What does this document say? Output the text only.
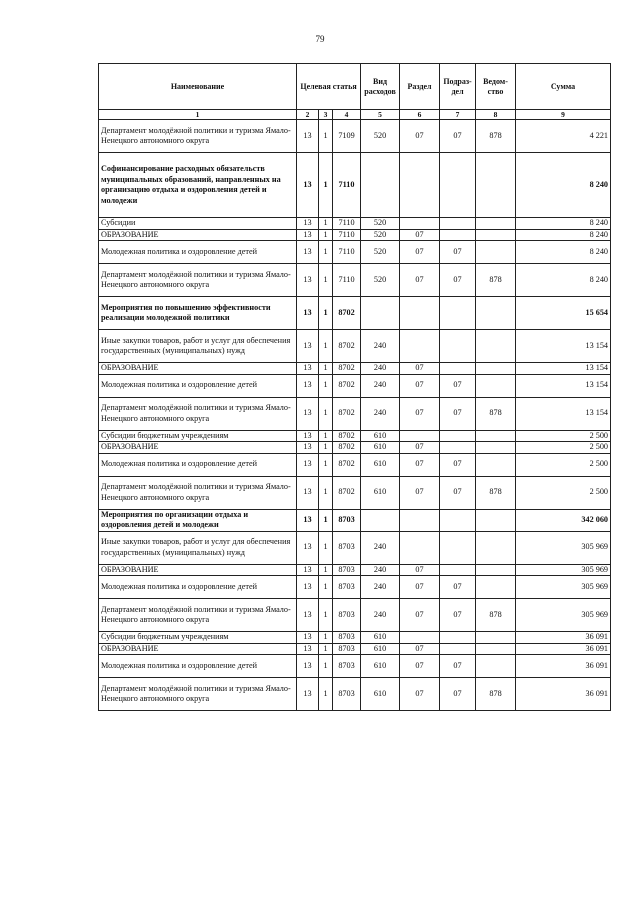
79
Наименование	Целевая статья			Вид расходов	Раздел	Подраз-дел	Ведом-ство	Сумма
1	2	3	4	5	6	7	8	9
Департамент молодёжной политики и туризма Ямало-Ненецкого автономного округа	13	1	7109	520	07	07	878	4 221
Софинансирование расходных обязательств муниципальных образований, направленных на организацию отдыха и оздоровления детей и молодежи	13	1	7110					8 240
Субсидии	13	1	7110	520				8 240
ОБРАЗОВАНИЕ	13	1	7110	520	07			8 240
Молодежная политика и оздоровление детей	13	1	7110	520	07	07		8 240
Департамент молодёжной политики и туризма Ямало-Ненецкого автономного округа	13	1	7110	520	07	07	878	8 240
Мероприятия по повышению эффективности реализации молодежной политики	13	1	8702					15 654
Иные закупки товаров, работ и услуг для обеспечения государственных (муниципальных) нужд	13	1	8702	240				13 154
ОБРАЗОВАНИЕ	13	1	8702	240	07			13 154
Молодежная политика и оздоровление детей	13	1	8702	240	07	07		13 154
Департамент молодёжной политики и туризма Ямало-Ненецкого автономного округа	13	1	8702	240	07	07	878	13 154
Субсидии бюджетным учреждениям	13	1	8702	610				2 500
ОБРАЗОВАНИЕ	13	1	8702	610	07			2 500
Молодежная политика и оздоровление детей	13	1	8702	610	07	07		2 500
Департамент молодёжной политики и туризма Ямало-Ненецкого автономного округа	13	1	8702	610	07	07	878	2 500
Мероприятия по организации отдыха и оздоровления детей и молодежи	13	1	8703					342 060
Иные закупки товаров, работ и услуг для обеспечения государственных (муниципальных) нужд	13	1	8703	240				305 969
ОБРАЗОВАНИЕ	13	1	8703	240	07			305 969
Молодежная политика и оздоровление детей	13	1	8703	240	07	07		305 969
Департамент молодёжной политики и туризма Ямало-Ненецкого автономного округа	13	1	8703	240	07	07	878	305 969
Субсидии бюджетным учреждениям	13	1	8703	610				36 091
ОБРАЗОВАНИЕ	13	1	8703	610	07			36 091
Молодежная политика и оздоровление детей	13	1	8703	610	07	07		36 091
Департамент молодёжной политики и туризма Ямало-Ненецкого автономного округа	13	1	8703	610	07	07	878	36 091
